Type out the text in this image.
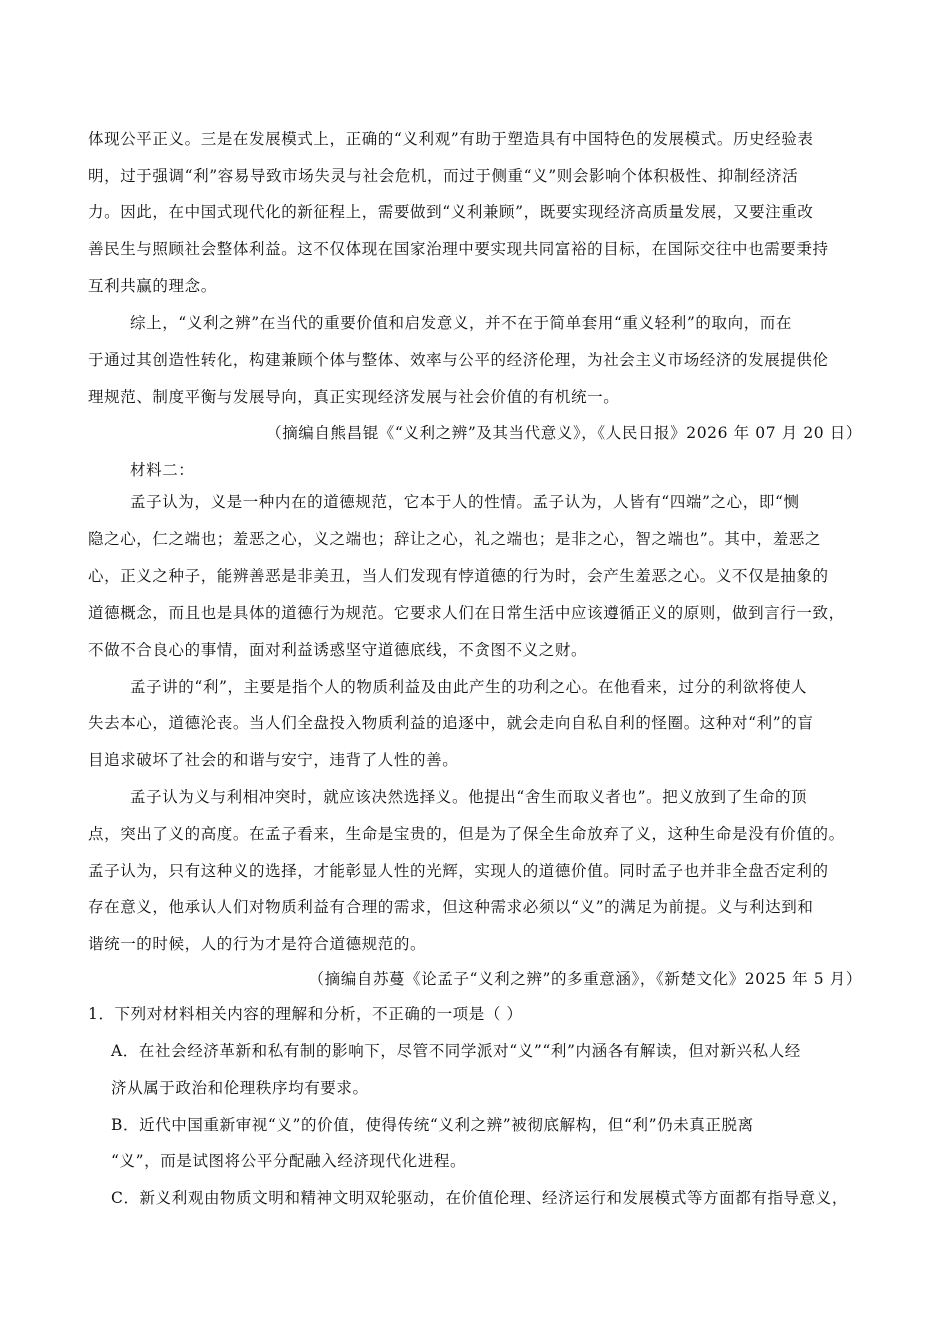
体现公平正义。三是在发展模式上，正确的“义利观”有助于塑造具有中国特色的发展模式。历史经验表
明，过于强调“利”容易导致市场失灵与社会危机，而过于侧重“义”则会影响个体积极性、抑制经济活
力。因此，在中国式现代化的新征程上，需要做到“义利兼顾”，既要实现经济高质量发展，又要注重改
善民生与照顾社会整体利益。这不仅体现在国家治理中要实现共同富裕的目标，在国际交往中也需要秉持
互利共赢的理念。
综上，“义利之辨”在当代的重要价值和启发意义，并不在于简单套用“重义轻利”的取向，而在
于通过其创造性转化，构建兼顾个体与整体、效率与公平的经济伦理，为社会主义市场经济的发展提供伦
理规范、制度平衡与发展导向，真正实现经济发展与社会价值的有机统一。
（摘编自熊昌锟《“义利之辨”及其当代意义》，《人民日报》2026 年 07 月 20 日）
材料二：
孟子认为，义是一种内在的道德规范，它本于人的性情。孟子认为，人皆有“四端”之心，即“恻
隐之心，仁之端也；羞恶之心，义之端也；辞让之心，礼之端也；是非之心，智之端也”。其中，羞恶之
心，正义之种子，能辨善恶是非美丑，当人们发现有悖道德的行为时，会产生羞恶之心。义不仅是抽象的
道德概念，而且也是具体的道德行为规范。它要求人们在日常生活中应该遵循正义的原则，做到言行一致，
不做不合良心的事情，面对利益诱惑坚守道德底线，不贪图不义之财。
孟子讲的“利”，主要是指个人的物质利益及由此产生的功利之心。在他看来，过分的利欲将使人
失去本心，道德沦丧。当人们全盘投入物质利益的追逐中，就会走向自私自利的怪圈。这种对“利”的盲
目追求破坏了社会的和谐与安宁，违背了人性的善。
孟子认为义与利相冲突时，就应该决然选择义。他提出“舍生而取义者也”。把义放到了生命的顶
点，突出了义的高度。在孟子看来，生命是宝贵的，但是为了保全生命放弃了义，这种生命是没有价值的。
孟子认为，只有这种义的选择，才能彰显人性的光辉，实现人的道德价值。同时孟子也并非全盘否定利的
存在意义，他承认人们对物质利益有合理的需求，但这种需求必须以“义”的满足为前提。义与利达到和
谐统一的时候，人的行为才是符合道德规范的。
（摘编自苏蔓《论孟子“义利之辨”的多重意涵》，《新楚文化》2025 年 5 月）
1．下列对材料相关内容的理解和分析，不正确的一项是（ ）
A．在社会经济革新和私有制的影响下，尽管不同学派对“义”“利”内涵各有解读，但对新兴私人经
济从属于政治和伦理秩序均有要求。
B．近代中国重新审视“义”的价值，使得传统“义利之辨”被彻底解构，但“利”仍未真正脱离
“义”，而是试图将公平分配融入经济现代化进程。
C．新义利观由物质文明和精神文明双轮驱动，在价值伦理、经济运行和发展模式等方面都有指导意义，
